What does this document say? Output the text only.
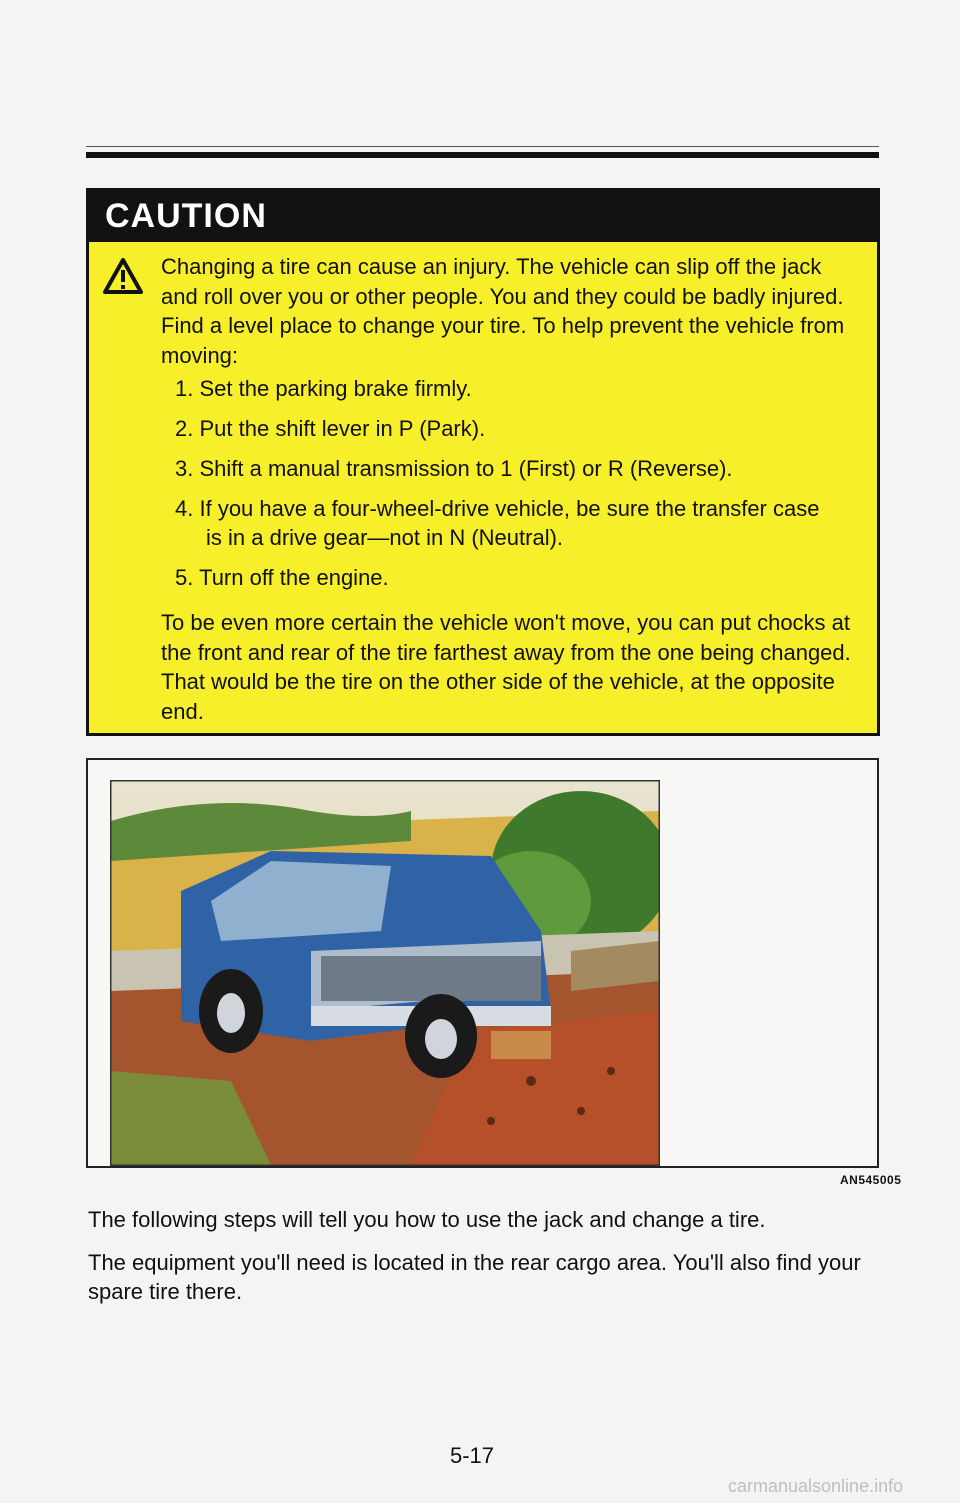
CAUTION
Changing a tire can cause an injury. The vehicle can slip off the jack and roll over you or other people. You and they could be badly injured. Find a level place to change your tire. To help prevent the vehicle from moving:
1. Set the parking brake firmly.
2. Put the shift lever in P (Park).
3. Shift a manual transmission to 1 (First) or R (Reverse).
4. If you have a four-wheel-drive vehicle, be sure the transfer case
is in a drive gear—not in N (Neutral).
5. Turn off the engine.
To be even more certain the vehicle won't move, you can put chocks at the front and rear of the tire farthest away from the one being changed. That would be the tire on the other side of the vehicle, at the opposite end.
AN545005
The following steps will tell you how to use the jack and change a tire.
The equipment you'll need is located in the rear cargo area. You'll also find your spare tire there.
5-17
carmanualsonline.info
